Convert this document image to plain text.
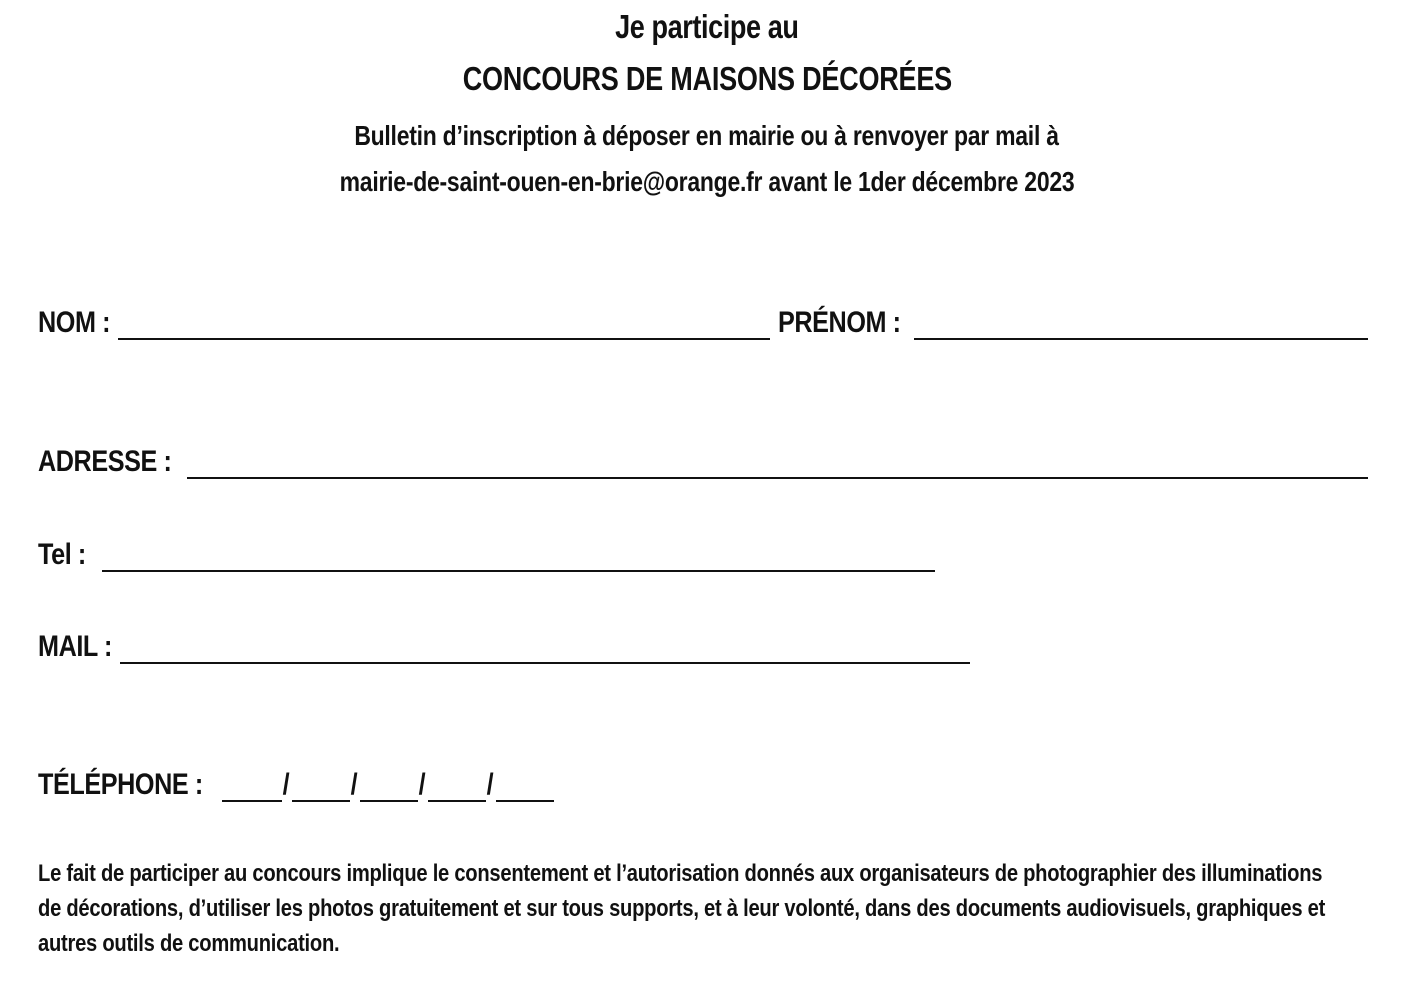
Je participe au
CONCOURS DE MAISONS DÉCORÉES
Bulletin d’inscription à déposer en mairie ou à renvoyer par mail à
mairie-de-saint-ouen-en-brie@orange.fr avant le 1der décembre 2023
NOM :	PRÉNOM :
ADRESSE :
Tel :
MAIL :
TÉLÉPHONE :	/ / / /
Le fait de participer au concours implique le consentement et l’autorisation donnés aux organisateurs de photographier des illuminations de décorations, d’utiliser les photos gratuitement et sur tous supports, et à leur volonté, dans des documents audiovisuels, graphiques et autres outils de communication.
